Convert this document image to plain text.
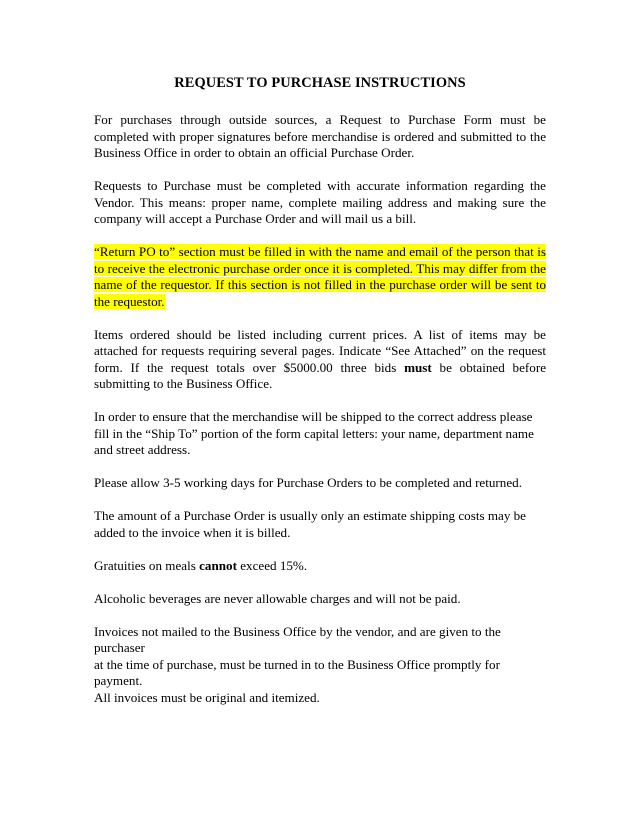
REQUEST TO PURCHASE INSTRUCTIONS

For purchases through outside sources, a Request to Purchase Form must be completed with proper signatures before merchandise is ordered and submitted to the Business Office in order to obtain an official Purchase Order.

Requests to Purchase must be completed with accurate information regarding the Vendor. This means: proper name, complete mailing address and making sure the company will accept a Purchase Order and will mail us a bill.

“Return PO to” section must be filled in with the name and email of the person that is to receive the electronic purchase order once it is completed. This may differ from the name of the requestor. If this section is not filled in the purchase order will be sent to the requestor.

Items ordered should be listed including current prices. A list of items may be attached for requests requiring several pages. Indicate “See Attached” on the request form. If the request totals over $5000.00 three bids must be obtained before submitting to the Business Office.

In order to ensure that the merchandise will be shipped to the correct address please fill in the “Ship To” portion of the form capital letters: your name, department name and street address.

Please allow 3-5 working days for Purchase Orders to be completed and returned.

The amount of a Purchase Order is usually only an estimate shipping costs may be added to the invoice when it is billed.

Gratuities on meals cannot exceed 15%.

Alcoholic beverages are never allowable charges and will not be paid.

Invoices not mailed to the Business Office by the vendor, and are given to the purchaser
at the time of purchase, must be turned in to the Business Office promptly for payment.
All invoices must be original and itemized.
